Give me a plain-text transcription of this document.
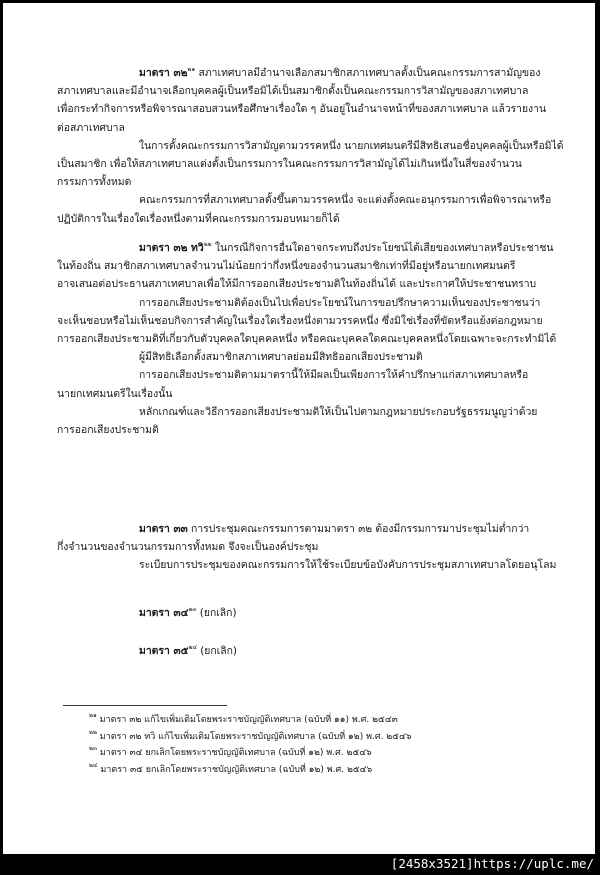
มาตรา ๓๒$^{๒๑}$ สภาเทศบาลมีอำนาจเลือกสมาชิกสภาเทศบาลตั้งเป็นคณะกรรมการสามัญของ
สภาเทศบาลและมีอำนาจเลือกบุคคลผู้เป็นหรือมิได้เป็นสมาชิกตั้งเป็นคณะกรรมการวิสามัญของสภาเทศบาล
เพื่อกระทำกิจการหรือพิจารณาสอบสวนหรือศึกษาเรื่องใด ๆ อันอยู่ในอำนาจหน้าที่ของสภาเทศบาล แล้วรายงาน
ต่อสภาเทศบาล
ในการตั้งคณะกรรมการวิสามัญตามวรรคหนึ่ง นายกเทศมนตรีมีสิทธิเสนอชื่อบุคคลผู้เป็นหรือมิได้
เป็นสมาชิก เพื่อให้สภาเทศบาลแต่งตั้งเป็นกรรมการในคณะกรรมการวิสามัญได้ไม่เกินหนึ่งในสี่ของจำนวน
กรรมการทั้งหมด
คณะกรรมการที่สภาเทศบาลตั้งขึ้นตามวรรคหนึ่ง จะแต่งตั้งคณะอนุกรรมการเพื่อพิจารณาหรือ
ปฏิบัติการในเรื่องใดเรื่องหนึ่งตามที่คณะกรรมการมอบหมายก็ได้
มาตรา ๓๒ ทวิ$^{๒๒}$ ในกรณีกิจการอื่นใดอาจกระทบถึงประโยชน์ได้เสียของเทศบาลหรือประชาชน
ในท้องถิ่น สมาชิกสภาเทศบาลจำนวนไม่น้อยกว่ากึ่งหนึ่งของจำนวนสมาชิกเท่าที่มีอยู่หรือนายกเทศมนตรี
อาจเสนอต่อประธานสภาเทศบาลเพื่อให้มีการออกเสียงประชามติในท้องถิ่นได้ และประกาศให้ประชาชนทราบ
การออกเสียงประชามติต้องเป็นไปเพื่อประโยชน์ในการขอปรึกษาความเห็นของประชาชนว่า
จะเห็นชอบหรือไม่เห็นชอบกิจการสำคัญในเรื่องใดเรื่องหนึ่งตามวรรคหนึ่ง ซึ่งมิใช่เรื่องที่ขัดหรือแย้งต่อกฎหมาย
การออกเสียงประชามติที่เกี่ยวกับตัวบุคคลใดบุคคลหนึ่ง หรือคณะบุคคลใดคณะบุคคลหนึ่งโดยเฉพาะจะกระทำมิได้
ผู้มีสิทธิเลือกตั้งสมาชิกสภาเทศบาลย่อมมีสิทธิออกเสียงประชามติ
การออกเสียงประชามติตามมาตรานี้ให้มีผลเป็นเพียงการให้คำปรึกษาแก่สภาเทศบาลหรือ
นายกเทศมนตรีในเรื่องนั้น
หลักเกณฑ์และวิธีการออกเสียงประชามติให้เป็นไปตามกฎหมายประกอบรัฐธรรมนูญว่าด้วย
การออกเสียงประชามติ
มาตรา ๓๓ การประชุมคณะกรรมการตามมาตรา ๓๒ ต้องมีกรรมการมาประชุมไม่ต่ำกว่า
กึ่งจำนวนของจำนวนกรรมการทั้งหมด จึงจะเป็นองค์ประชุม
ระเบียบการประชุมของคณะกรรมการให้ใช้ระเบียบข้อบังคับการประชุมสภาเทศบาลโดยอนุโลม
มาตรา ๓๔$^{๒๓}$ (ยกเลิก)
มาตรา ๓๕$^{๒๔}$ (ยกเลิก)
$^{๒๑}$ มาตรา ๓๒ แก้ไขเพิ่มเติมโดยพระราชบัญญัติเทศบาล (ฉบับที่ ๑๑) พ.ศ. ๒๕๔๓
$^{๒๒}$ มาตรา ๓๒ ทวิ แก้ไขเพิ่มเติมโดยพระราชบัญญัติเทศบาล (ฉบับที่ ๑๒) พ.ศ. ๒๕๔๖
$^{๒๓}$ มาตรา ๓๔ ยกเลิกโดยพระราชบัญญัติเทศบาล (ฉบับที่ ๑๒) พ.ศ. ๒๕๔๖
$^{๒๔}$ มาตรา ๓๕ ยกเลิกโดยพระราชบัญญัติเทศบาล (ฉบับที่ ๑๒) พ.ศ. ๒๕๔๖
[2458x3521]https://uplc.me/
